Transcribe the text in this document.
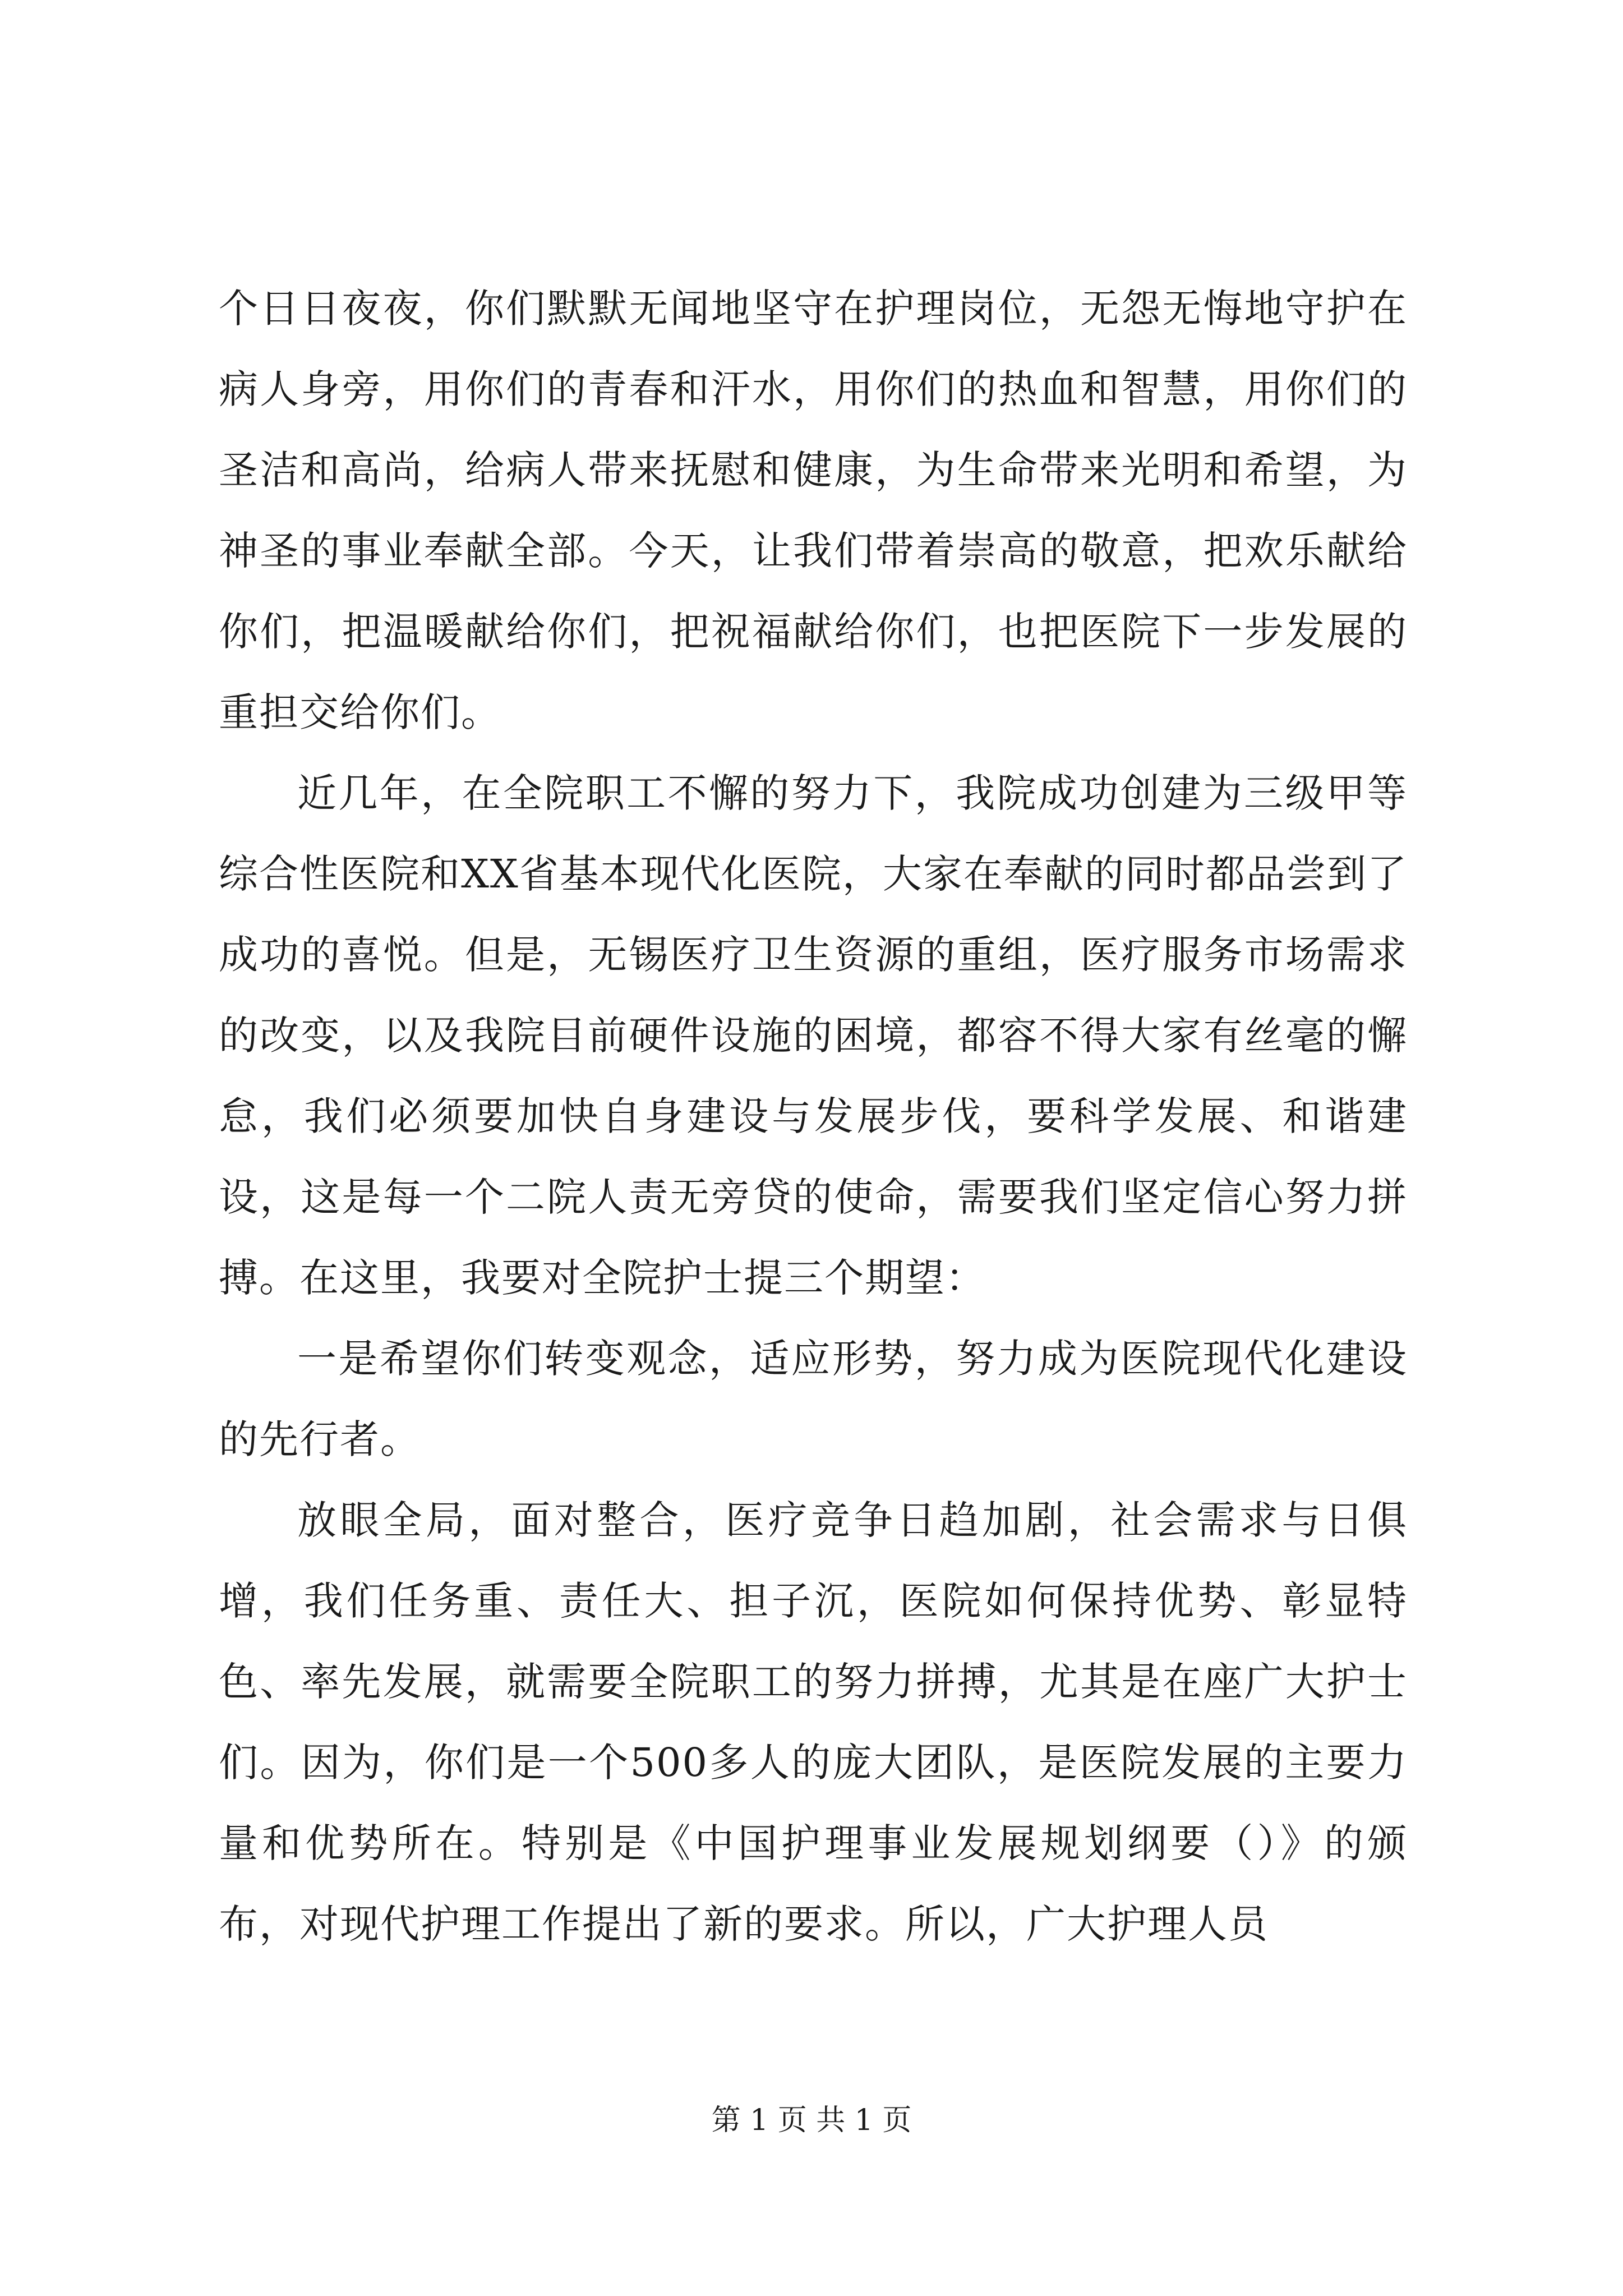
个日日夜夜，你们默默无闻地坚守在护理岗位，无怨无悔地守护在病人身旁，用你们的青春和汗水，用你们的热血和智慧，用你们的圣洁和高尚，给病人带来抚慰和健康，为生命带来光明和希望，为神圣的事业奉献全部。今天，让我们带着崇高的敬意，把欢乐献给你们，把温暖献给你们，把祝福献给你们，也把医院下一步发展的重担交给你们。

近几年，在全院职工不懈的努力下，我院成功创建为三级甲等综合性医院和XX省基本现代化医院，大家在奉献的同时都品尝到了成功的喜悦。但是，无锡医疗卫生资源的重组，医疗服务市场需求的改变，以及我院目前硬件设施的困境，都容不得大家有丝毫的懈怠，我们必须要加快自身建设与发展步伐，要科学发展、和谐建设，这是每一个二院人责无旁贷的使命，需要我们坚定信心努力拼搏。在这里，我要对全院护士提三个期望：

一是希望你们转变观念，适应形势，努力成为医院现代化建设的先行者。

放眼全局，面对整合，医疗竞争日趋加剧，社会需求与日俱增，我们任务重、责任大、担子沉，医院如何保持优势、彰显特色、率先发展，就需要全院职工的努力拼搏，尤其是在座广大护士们。因为，你们是一个500多人的庞大团队，是医院发展的主要力量和优势所在。特别是《中国护理事业发展规划纲要（）》的颁布，对现代护理工作提出了新的要求。所以，广大护理人员

第 1 页 共 1 页
